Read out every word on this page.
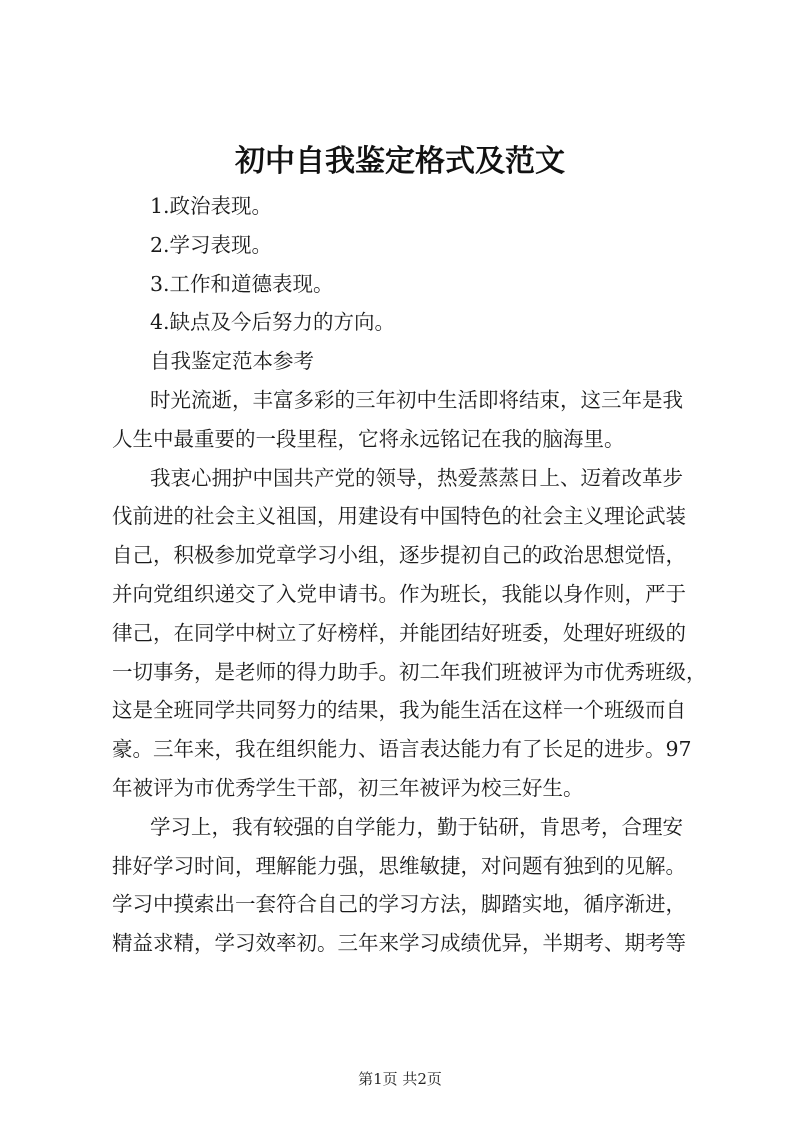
初中自我鉴定格式及范文
1.政治表现。
2.学习表现。
3.工作和道德表现。
4.缺点及今后努力的方向。
自我鉴定范本参考
时光流逝，丰富多彩的三年初中生活即将结束，这三年是我
人生中最重要的一段里程，它将永远铭记在我的脑海里。
我衷心拥护中国共产党的领导，热爱蒸蒸日上、迈着改革步
伐前进的社会主义祖国，用建设有中国特色的社会主义理论武装
自己，积极参加党章学习小组，逐步提初自己的政治思想觉悟，
并向党组织递交了入党申请书。作为班长，我能以身作则，严于
律己，在同学中树立了好榜样，并能团结好班委，处理好班级的
一切事务，是老师的得力助手。初二年我们班被评为市优秀班级，
这是全班同学共同努力的结果，我为能生活在这样一个班级而自
豪。三年来，我在组织能力、语言表达能力有了长足的进步。97
年被评为市优秀学生干部，初三年被评为校三好生。
学习上，我有较强的自学能力，勤于钻研，肯思考，合理安
排好学习时间，理解能力强，思维敏捷，对问题有独到的见解。
学习中摸索出一套符合自己的学习方法，脚踏实地，循序渐进，
精益求精，学习效率初。三年来学习成绩优异，半期考、期考等
第1页 共2页
